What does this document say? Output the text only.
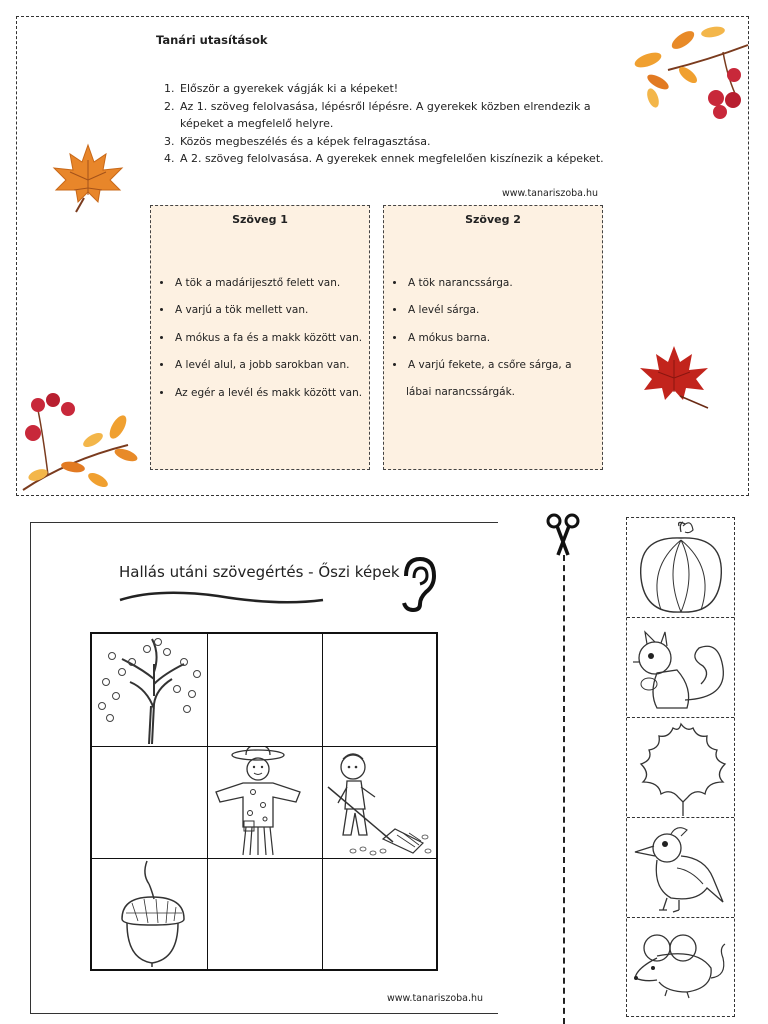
Tanári utasítások
1. Először a gyerekek vágják ki a képeket!
2. Az 1. szöveg felolvasása, lépésről lépésre. A gyerekek közben elrendezik a képeket a megfelelő helyre.
3. Közös megbeszélés és a képek felragasztása.
4. A 2. szöveg felolvasása. A gyerekek ennek megfelelően kiszínezik a képeket.
www.tanariszoba.hu
Szöveg 1
• A tök a madárijesztő felett van.
• A varjú a tök mellett van.
• A mókus a fa és a makk között van.
• A levél alul, a jobb sarokban van.
• Az egér a levél és makk között van.
Szöveg 2
• A tök narancssárga.
• A levél sárga.
• A mókus barna.
• A varjú fekete, a csőre sárga, a
lábai narancssárgák.
Hallás utáni szövegértés - Őszi képek
www.tanariszoba.hu
